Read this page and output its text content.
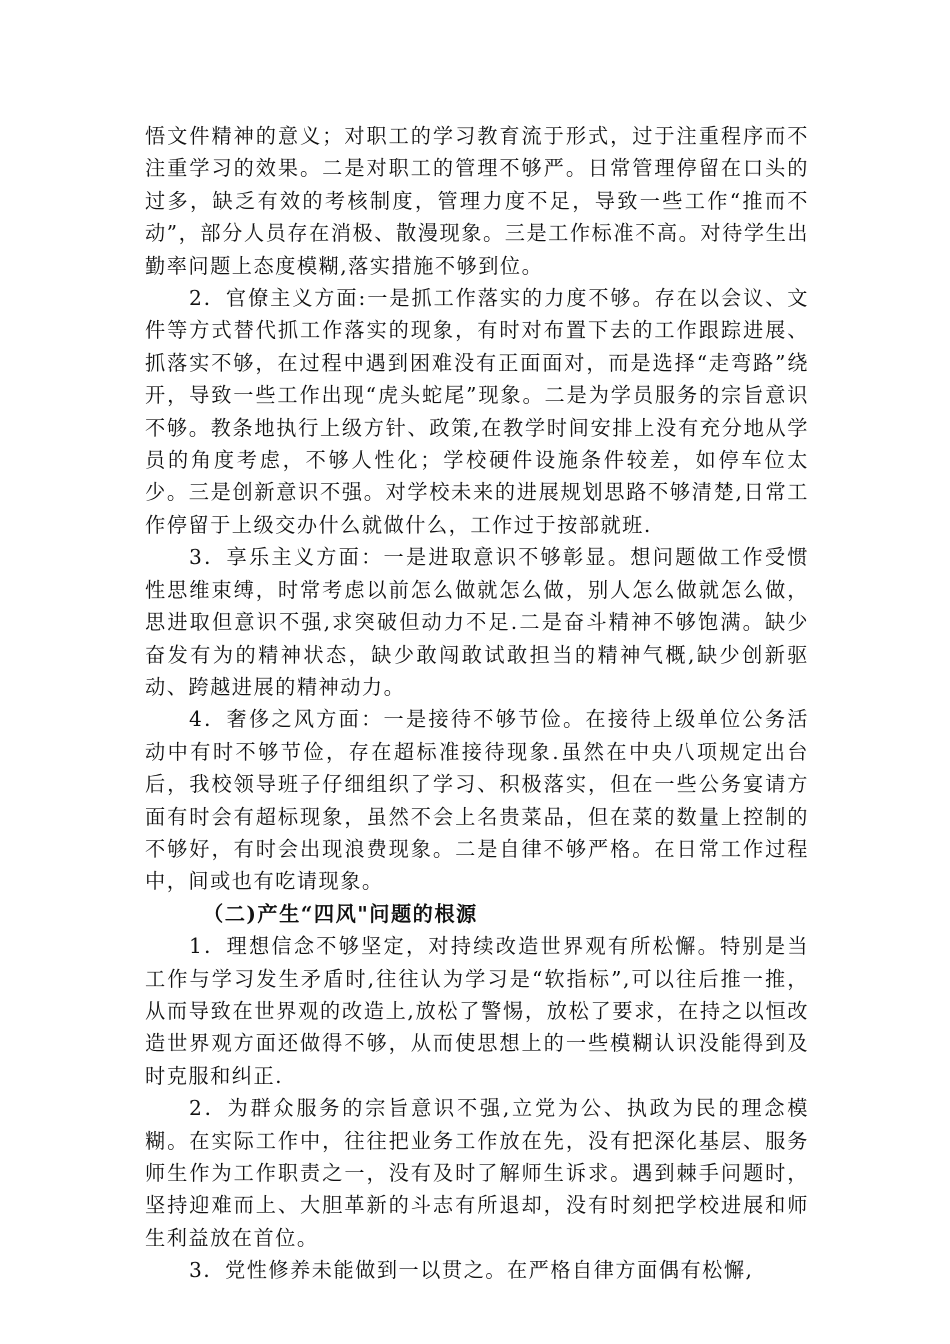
悟文件精神的意义；对职工的学习教育流于形式，过于注重程序而不注重学习的效果。二是对职工的管理不够严。日常管理停留在口头的过多，缺乏有效的考核制度，管理力度不足，导致一些工作“推而不动”，部分人员存在消极、散漫现象。三是工作标准不高。对待学生出勤率问题上态度模糊,落实措施不够到位。

2．官僚主义方面:一是抓工作落实的力度不够。存在以会议、文件等方式替代抓工作落实的现象，有时对布置下去的工作跟踪进展、抓落实不够，在过程中遇到困难没有正面面对，而是选择“走弯路”绕开，导致一些工作出现“虎头蛇尾”现象。二是为学员服务的宗旨意识不够。教条地执行上级方针、政策,在教学时间安排上没有充分地从学员的角度考虑，不够人性化；学校硬件设施条件较差，如停车位太少。三是创新意识不强。对学校未来的进展规划思路不够清楚,日常工作停留于上级交办什么就做什么，工作过于按部就班.

3．享乐主义方面：一是进取意识不够彰显。想问题做工作受惯性思维束缚，时常考虑以前怎么做就怎么做，别人怎么做就怎么做，思进取但意识不强,求突破但动力不足.二是奋斗精神不够饱满。缺少奋发有为的精神状态，缺少敢闯敢试敢担当的精神气概,缺少创新驱动、跨越进展的精神动力。

4．奢侈之风方面：一是接待不够节俭。在接待上级单位公务活动中有时不够节俭，存在超标准接待现象.虽然在中央八项规定出台后，我校领导班子仔细组织了学习、积极落实，但在一些公务宴请方面有时会有超标现象，虽然不会上名贵菜品，但在菜的数量上控制的不够好，有时会出现浪费现象。二是自律不够严格。在日常工作过程中，间或也有吃请现象。

（二)产生“四风"问题的根源

1．理想信念不够坚定，对持续改造世界观有所松懈。特别是当工作与学习发生矛盾时,往往认为学习是“软指标”,可以往后推一推，从而导致在世界观的改造上,放松了警惕，放松了要求，在持之以恒改造世界观方面还做得不够，从而使思想上的一些模糊认识没能得到及时克服和纠正.

2．为群众服务的宗旨意识不强,立党为公、执政为民的理念模糊。在实际工作中，往往把业务工作放在先，没有把深化基层、服务师生作为工作职责之一，没有及时了解师生诉求。遇到棘手问题时，坚持迎难而上、大胆革新的斗志有所退却，没有时刻把学校进展和师生利益放在首位。

3．党性修养未能做到一以贯之。在严格自律方面偶有松懈,
